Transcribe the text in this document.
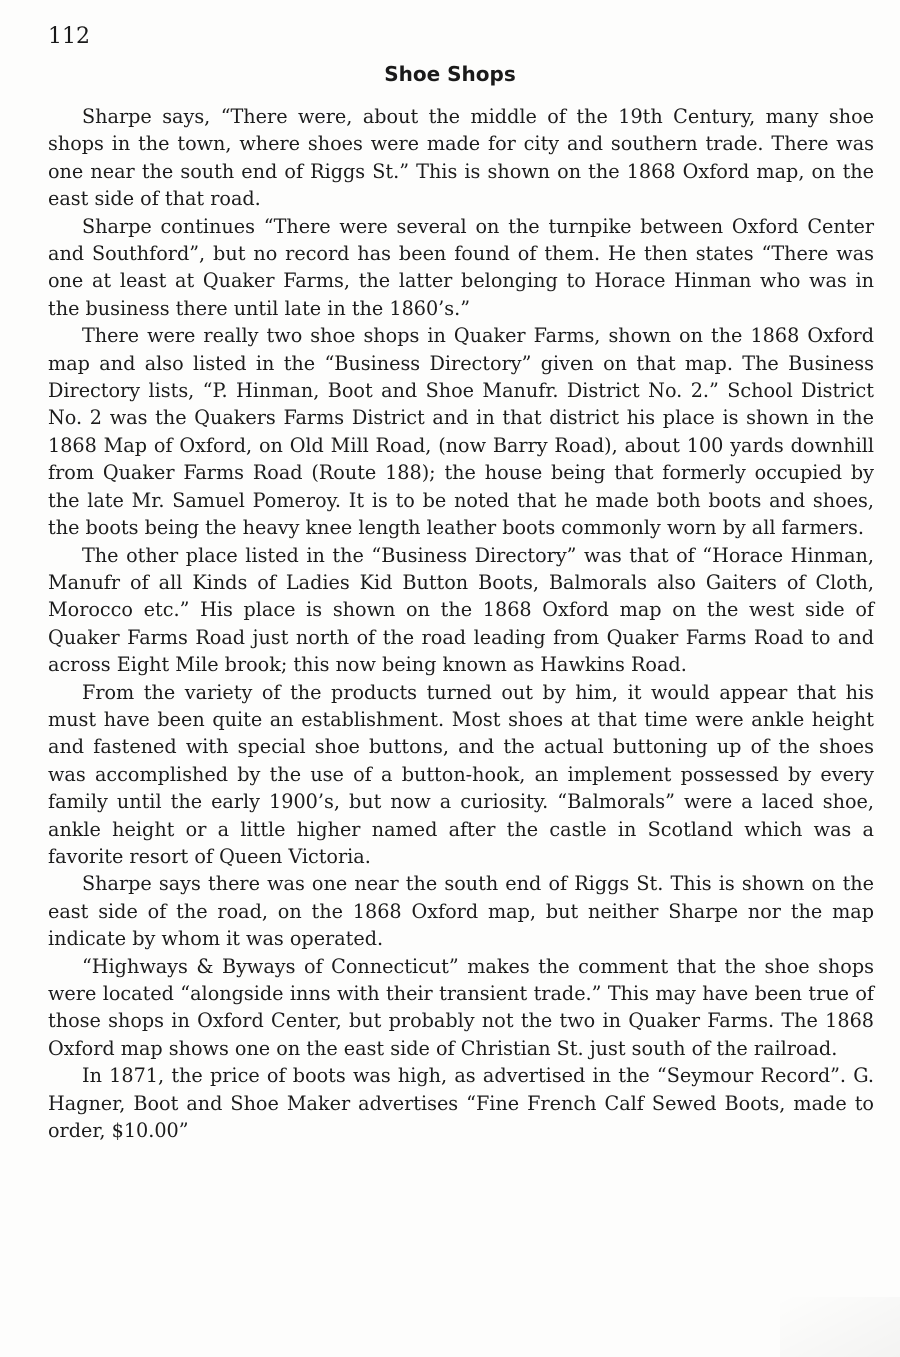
112

Shoe Shops

Sharpe says, “There were, about the middle of the 19th Century, many shoe shops in the town, where shoes were made for city and southern trade. There was one near the south end of Riggs St.” This is shown on the 1868 Oxford map, on the east side of that road.

Sharpe continues “There were several on the turnpike between Oxford Center and Southford”, but no record has been found of them. He then states “There was one at least at Quaker Farms, the latter belonging to Horace Hinman who was in the business there until late in the 1860’s.”

There were really two shoe shops in Quaker Farms, shown on the 1868 Oxford map and also listed in the “Business Directory” given on that map. The Business Directory lists, “P. Hinman, Boot and Shoe Manufr. District No. 2.” School District No. 2 was the Quakers Farms District and in that district his place is shown in the 1868 Map of Oxford, on Old Mill Road, (now Barry Road), about 100 yards downhill from Quaker Farms Road (Route 188); the house being that formerly occupied by the late Mr. Samuel Pomeroy. It is to be noted that he made both boots and shoes, the boots being the heavy knee length leather boots commonly worn by all farmers.

The other place listed in the “Business Directory” was that of “Horace Hinman, Manufr of all Kinds of Ladies Kid Button Boots, Balmorals also Gaiters of Cloth, Morocco etc.” His place is shown on the 1868 Oxford map on the west side of Quaker Farms Road just north of the road leading from Quaker Farms Road to and across Eight Mile brook; this now being known as Hawkins Road.

From the variety of the products turned out by him, it would appear that his must have been quite an establishment. Most shoes at that time were ankle height and fastened with special shoe buttons, and the actual buttoning up of the shoes was accomplished by the use of a button-hook, an implement possessed by every family until the early 1900’s, but now a curiosity. “Balmorals” were a laced shoe, ankle height or a little higher named after the castle in Scotland which was a favorite resort of Queen Victoria.

Sharpe says there was one near the south end of Riggs St. This is shown on the east side of the road, on the 1868 Oxford map, but neither Sharpe nor the map indicate by whom it was operated.

“Highways & Byways of Connecticut” makes the comment that the shoe shops were located “alongside inns with their transient trade.” This may have been true of those shops in Oxford Center, but probably not the two in Quaker Farms. The 1868 Oxford map shows one on the east side of Christian St. just south of the railroad.

In 1871, the price of boots was high, as advertised in the “Seymour Record”. G. Hagner, Boot and Shoe Maker advertises “Fine French Calf Sewed Boots, made to order, $10.00”
